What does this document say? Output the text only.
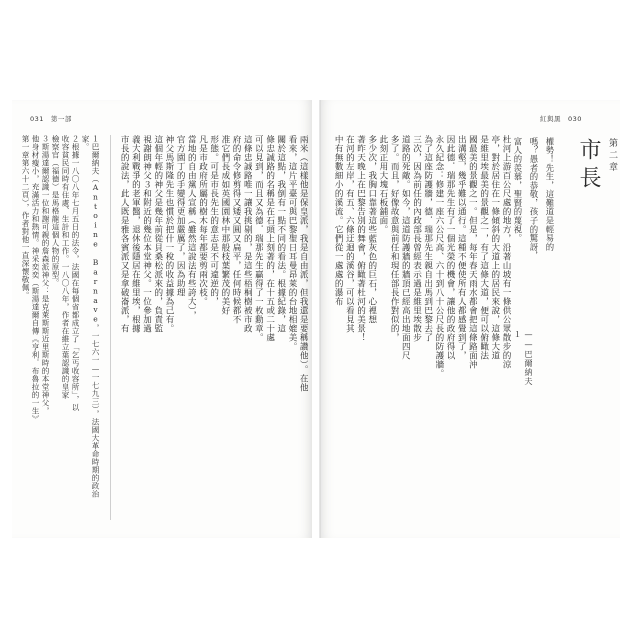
031　第一部	紅與黑　030
第二章
市長
權勢！先生，這難道是輕易的
嗎？愚者的恭敬，孩子的驚訝，
富人的羨慕，聖賢的蔑視。
——巴爾納夫１
杜河上游百公尺處的地方，沿著山坡有一條供公眾散步的涼
亭，對於居住在一條傾斜的大道上的居民來說，這條大道
是維里埃最美的景觀之一，有了這條大道，便可以俯瞰法
國最美的景觀之一。但是，每年春天雨水都會把這條路面沖
出溝壑，幾乎難以通行。這種不便使所有人都感覺到了，
因此德．瑞那先生有了一個光榮的機會，讓他的政府得以
永久紀念：修建一座六公尺高、六十到八十公尺長的防護牆。
為了這座防護牆，德．瑞那先生親自出馬到巴黎去了
三次，因為前任的內政部長曾經表示過是維里埃散步
道路的死敵。如今，這道防護牆的牆頂已經高出地面四尺
多了。而且，好像故意與前任和現任部長作對似的，
此刻正用大塊石板鋪面。
多少次，我胸口靠著這些藍灰色的巨石，心裡想
著昨天晚上在巴黎告別的舞會，俯瞰著杜河的美景！
在河的左岸，有五、六條迂迴的溪谷，可以看見其
中有無數細小的溪流。它們從一處處的瀑布
兩米（這樣他是保皇派，我是自由派，但我還是要稱讚他）。在他
看來，這片平臺可與巴黎聖日耳曼昂萊的台地相媲美。
關於這點，我倒有一點不同的看法。根據紀錄，這
條忠誠路的名稱是在石頭上刻著的，在十五或二十處
可以見到，而且又為德．瑞那先生贏得了一枚勳章。
這條忠誠路唯一讓我挑剔的，是這些梧桐樹被市政
府的命令修剪得又矮又圓又扁平，任何時候都不
准它們長成如英國園林中那般枝葉繁茂的美好
形態。可是市長先生的意志是不可違逆的，
凡是市政府所屬的樹木每年都要剪兩次枝。
當地的自由黨人宣稱（雖然這說法有些誇大），
官方園丁的手變得更加嚴厲了，因為助理
神父馬斯隆先生也慣於把什一稅的收益據為己有。
這個年輕的神父是幾年前從貝桑松派來的，負責監
視謝朗神父３和附近的幾位本堂神父。一位參加過
義大利戰爭的老軍醫，退休後隱居在維里埃，根據
市長的說法，此人既是雅各賓派又是拿破崙派，有
１巴爾納夫（Antoine Barnave，一七六一—一七九三），法國大革命時期的政治
家。
２根據一八〇八年七月五日的法令，法國在每個省都成立了「乞丐收容所」，以
收容貧民同時有住處、生計和工作。一八〇八年，作者在維立葉認識的皇家
檢察官（福德）是馬格龍這個人物的原型。
３斯湯達爾認識一位和謝可親的詹森派神父：是克萊斯斯近里斯時的本堂神父，
他身材瘦小，充滿活力和熱情。神采奕奕（斯湯達爾自傳《亨利．布魯拉的一生》
第一章第六十二頁），作者對他一直深懷敬佩。
